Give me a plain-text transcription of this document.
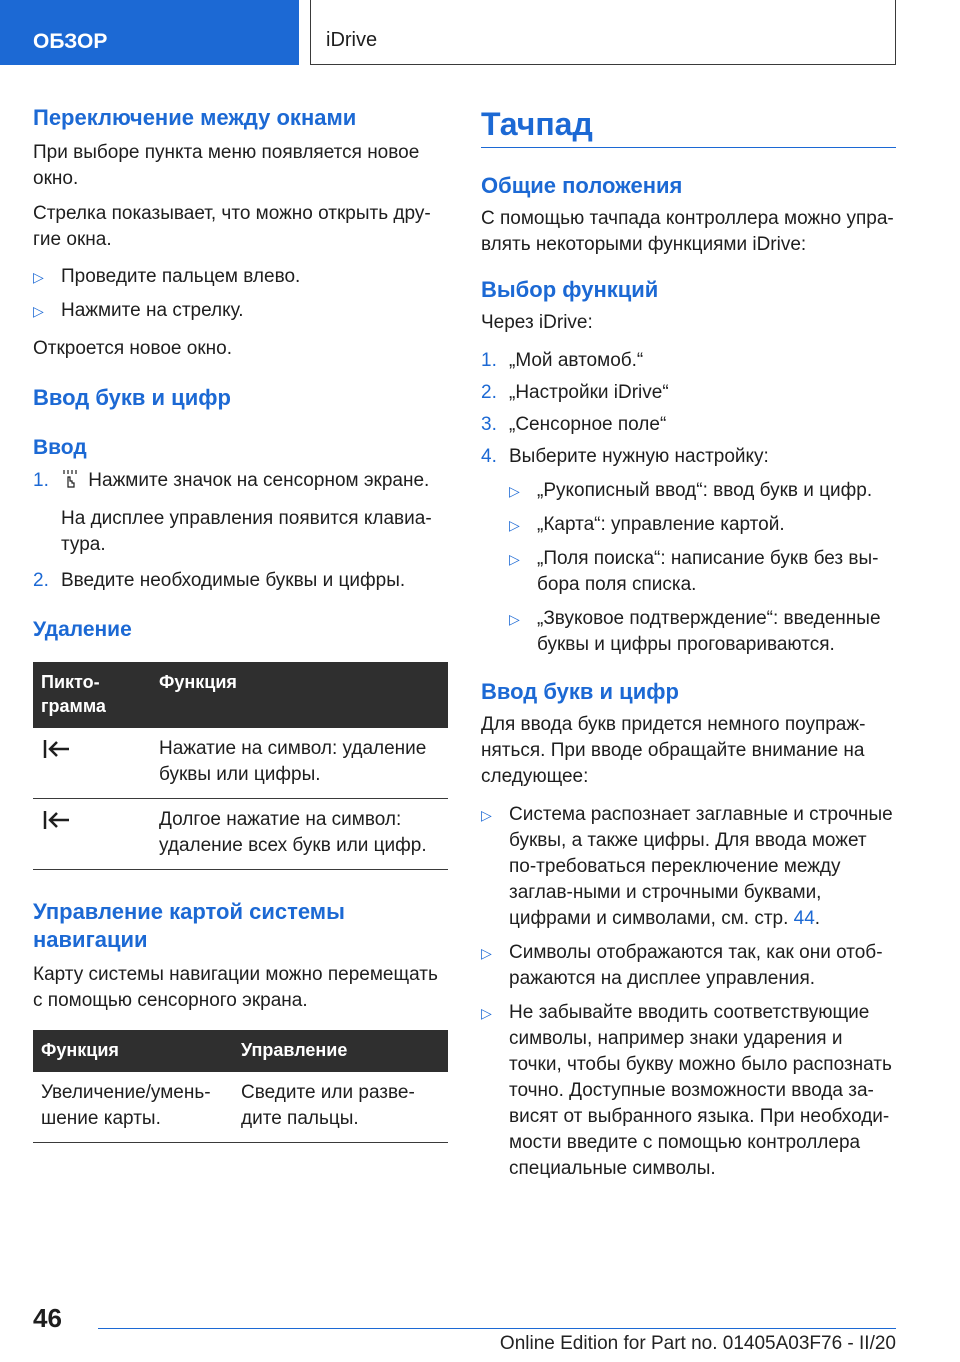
ОБЗОР	iDrive
Переключение между окнами
При выборе пункта меню появляется новое окно.
Стрелка показывает, что можно открыть дру-гие окна.
▷ Проведите пальцем влево.
▷ Нажмите на стрелку.
Откроется новое окно.
Ввод букв и цифр
Ввод
1. Нажмите значок на сенсорном экране.
На дисплее управления появится клавиа-тура.
2. Введите необходимые буквы и цифры.
Удаление
Пикто-грамма	Функция
	Нажатие на символ: удаление буквы или цифры.
	Долгое нажатие на символ: удаление всех букв или цифр.
Управление картой системы навигации
Карту системы навигации можно перемещать с помощью сенсорного экрана.
Функция	Управление
Увеличение/умень-шение карты.	Сведите или разве-дите пальцы.
Тачпад
Общие положения
С помощью тачпада контроллера можно упра-влять некоторыми функциями iDrive:
Выбор функций
Через iDrive:
1. „Мой автомоб.“
2. „Настройки iDrive“
3. „Сенсорное поле“
4. Выберите нужную настройку:
▷ „Рукописный ввод“: ввод букв и цифр.
▷ „Карта“: управление картой.
▷ „Поля поиска“: написание букв без вы-бора поля списка.
▷ „Звуковое подтверждение“: введенные буквы и цифры проговариваются.
Ввод букв и цифр
Для ввода букв придется немного поупраж-няться. При вводе обращайте внимание на следующее:
▷ Система распознает заглавные и строчные буквы, а также цифры. Для ввода может по-требоваться переключение между заглав-ными и строчными буквами, цифрами и символами, см. стр. 44.
▷ Символы отображаются так, как они отоб-ражаются на дисплее управления.
▷ Не забывайте вводить соответствующие символы, например знаки ударения и точки, чтобы букву можно было распознать точно. Доступные возможности ввода за-висят от выбранного языка. При необходи-мости введите с помощью контроллера специальные символы.
46
Online Edition for Part no. 01405A03F76 - II/20
